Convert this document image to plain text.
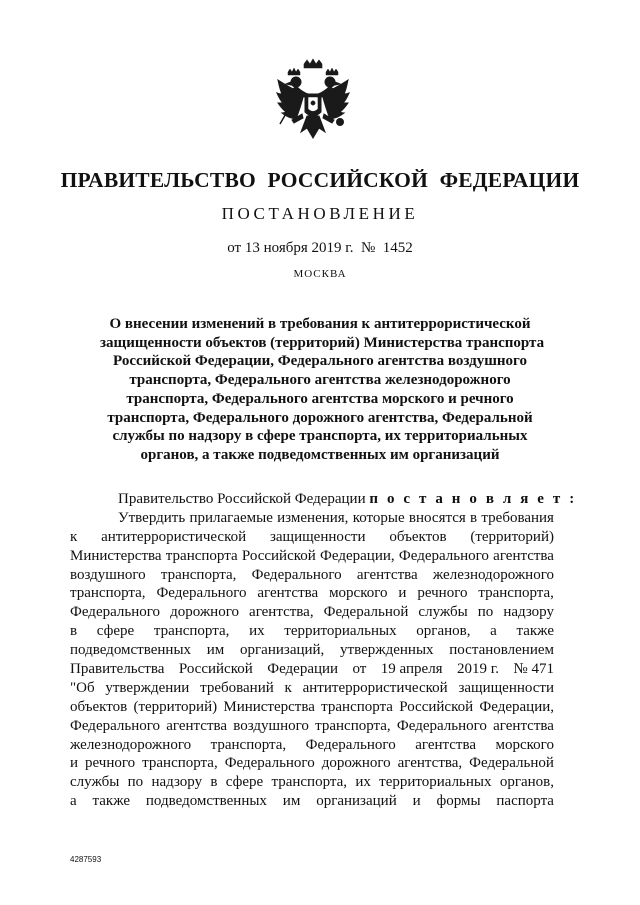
ПРАВИТЕЛЬСТВО РОССИЙСКОЙ ФЕДЕРАЦИИ
ПОСТАНОВЛЕНИЕ
от 13 ноября 2019 г.  №  1452
МОСКВА
О внесении изменений в требования к антитеррористической
защищенности объектов (территорий) Министерства транспорта
Российской Федерации, Федерального агентства воздушного
транспорта, Федерального агентства железнодорожного
транспорта, Федерального агентства морского и речного
транспорта, Федерального дорожного агентства, Федеральной
службы по надзору в сфере транспорта, их территориальных
органов, а также подведомственных им организаций
Правительство Российской Федерации
п о с т а н о в л я е т :
Утвердить прилагаемые изменения, которые вносятся в требования
к антитеррористической защищенности объектов (территорий)
Министерства транспорта Российской Федерации, Федерального агентства
воздушного транспорта, Федерального агентства железнодорожного
транспорта, Федерального агентства морского и речного транспорта,
Федерального дорожного агентства, Федеральной службы по надзору
в сфере транспорта, их территориальных органов, а также
подведомственных им организаций, утвержденных постановлением
Правительства Российской Федерации от 19 апреля 2019 г. № 471
"Об утверждении требований к антитеррористической защищенности
объектов (территорий) Министерства транспорта Российской Федерации,
Федерального агентства воздушного транспорта, Федерального агентства
железнодорожного транспорта, Федерального агентства морского
и речного транспорта, Федерального дорожного агентства, Федеральной
службы по надзору в сфере транспорта, их территориальных органов,
а также подведомственных им организаций и формы паспорта
4287593
